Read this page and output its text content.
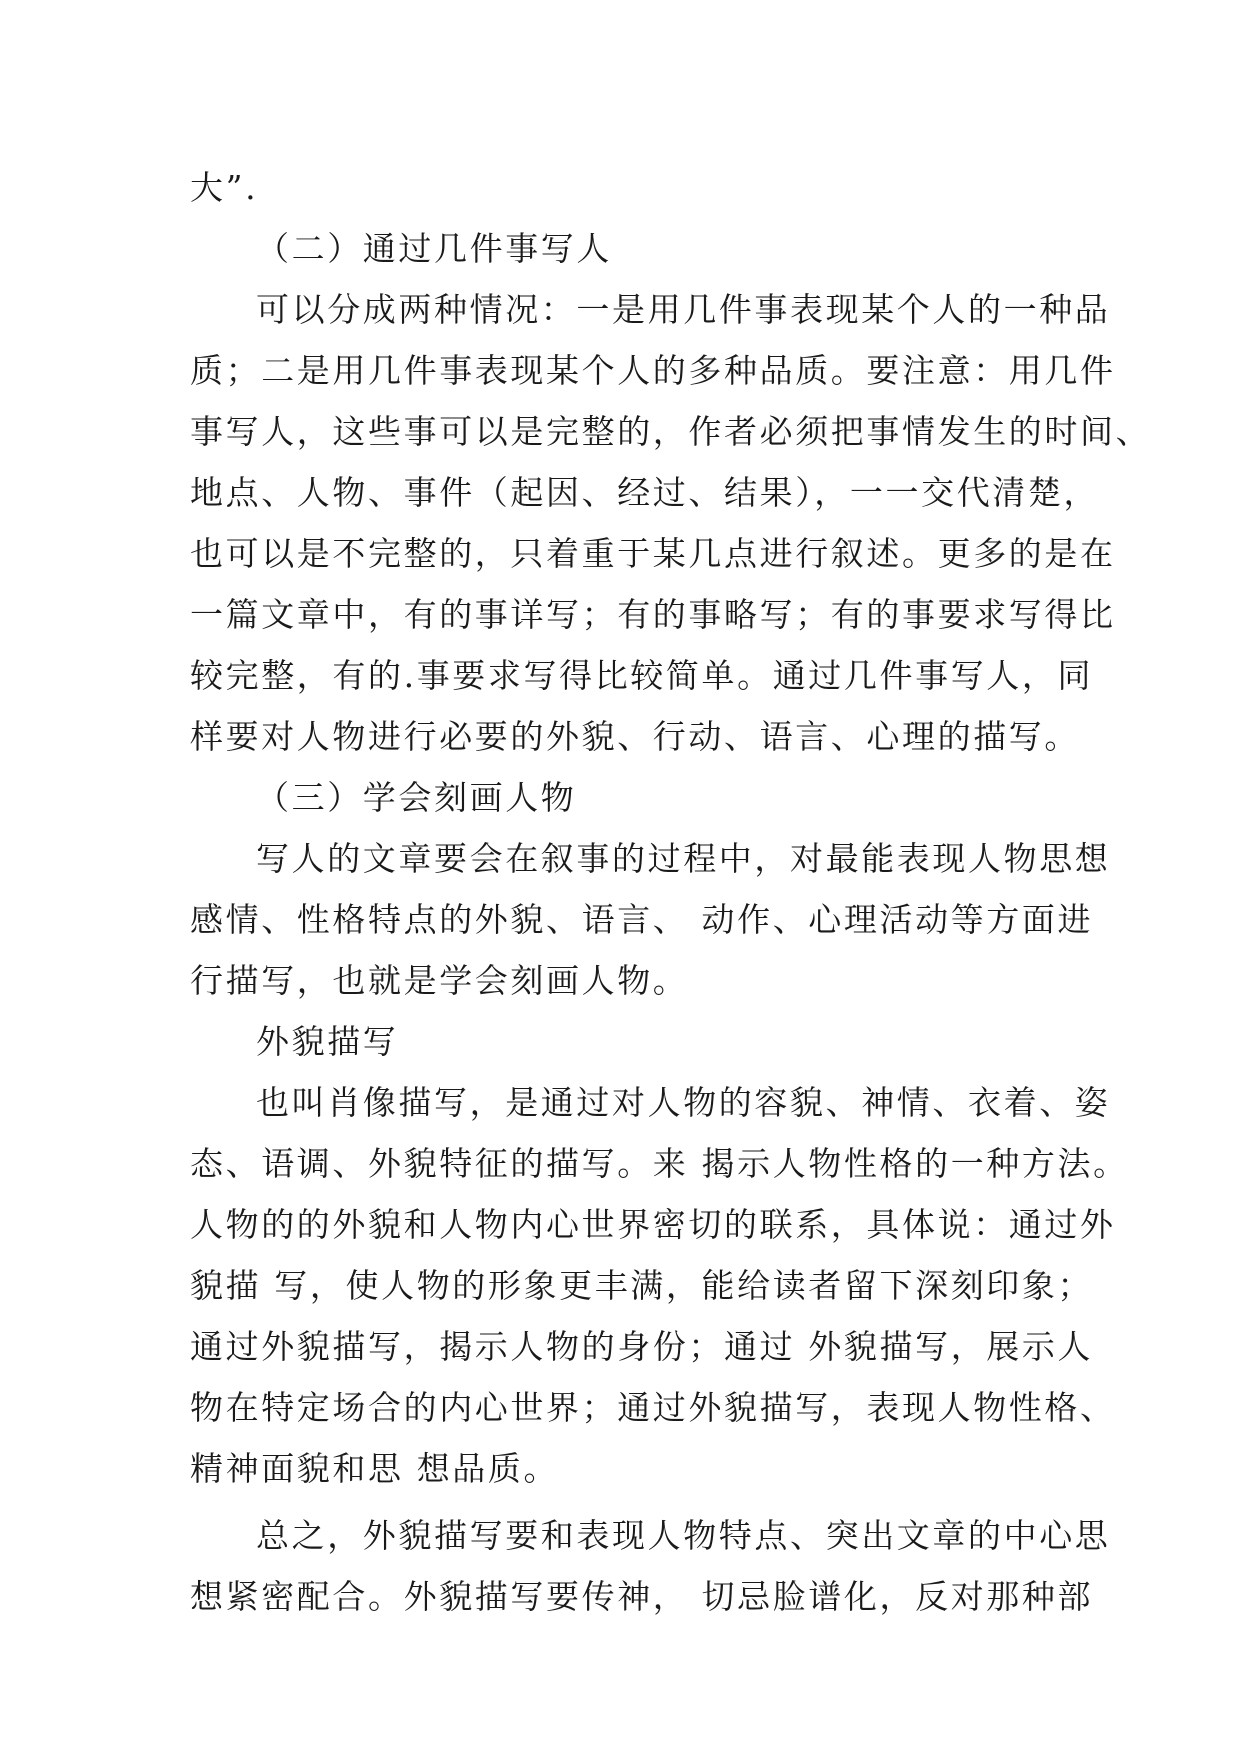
大”.
（二）通过几件事写人
可以分成两种情况：一是用几件事表现某个人的一种品
质；二是用几件事表现某个人的多种品质。要注意：用几件
事写人，这些事可以是完整的，作者必须把事情发生的时间、
地点、人物、事件（起因、经过、结果），一一交代清楚，
也可以是不完整的，只着重于某几点进行叙述。更多的是在
一篇文章中，有的事详写；有的事略写；有的事要求写得比
较完整，有的.事要求写得比较简单。通过几件事写人，同
样要对人物进行必要的外貌、行动、语言、心理的描写。
（三）学会刻画人物
写人的文章要会在叙事的过程中，对最能表现人物思想
感情、性格特点的外貌、语言、 动作、心理活动等方面进
行描写，也就是学会刻画人物。
外貌描写
也叫肖像描写，是通过对人物的容貌、神情、衣着、姿
态、语调、外貌特征的描写。来 揭示人物性格的一种方法。
人物的的外貌和人物内心世界密切的联系，具体说：通过外
貌描 写，使人物的形象更丰满，能给读者留下深刻印象；
通过外貌描写，揭示人物的身份；通过 外貌描写，展示人
物在特定场合的内心世界；通过外貌描写，表现人物性格、
精神面貌和思 想品质。
总之，外貌描写要和表现人物特点、突出文章的中心思
想紧密配合。外貌描写要传神， 切忌脸谱化，反对那种部
